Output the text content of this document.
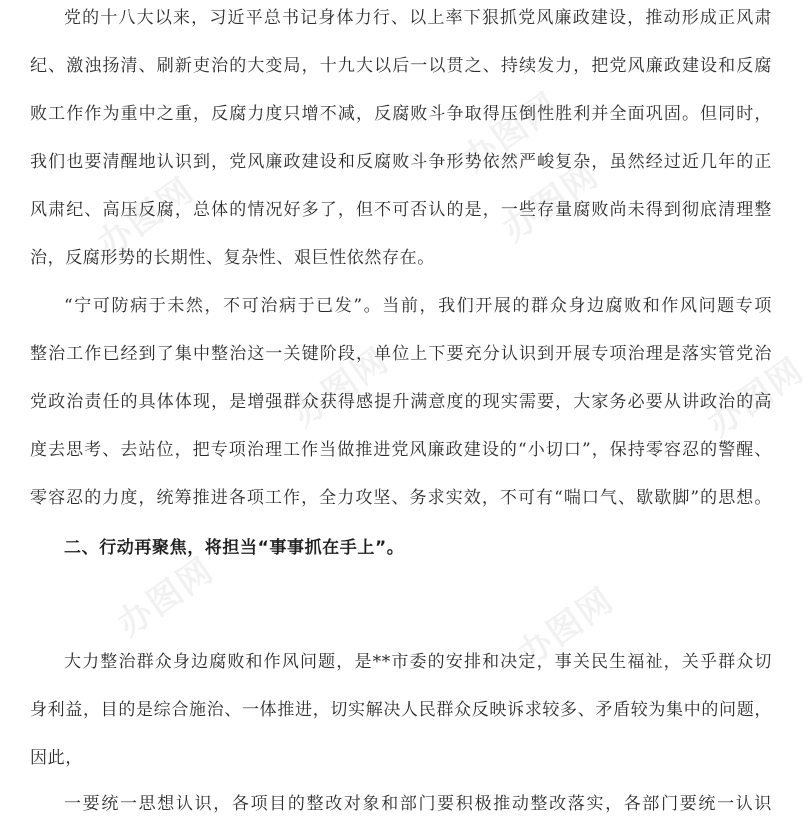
办图网
办图网	办图网
办图网	办图网
办图网	办图网
党的十八大以来，习近平总书记身体力行、以上率下狠抓党风廉政建设，推动形成正风肃
纪、激浊扬清、刷新吏治的大变局，十九大以后一以贯之、持续发力，把党风廉政建设和反腐
败工作作为重中之重，反腐力度只增不减，反腐败斗争取得压倒性胜利并全面巩固。但同时，
我们也要清醒地认识到，党风廉政建设和反腐败斗争形势依然严峻复杂，虽然经过近几年的正
风肃纪、高压反腐，总体的情况好多了，但不可否认的是，一些存量腐败尚未得到彻底清理整
治，反腐形势的长期性、复杂性、艰巨性依然存在。
“宁可防病于未然，不可治病于已发”。当前，我们开展的群众身边腐败和作风问题专项
整治工作已经到了集中整治这一关键阶段，单位上下要充分认识到开展专项治理是落实管党治
党政治责任的具体体现，是增强群众获得感提升满意度的现实需要，大家务必要从讲政治的高
度去思考、去站位，把专项治理工作当做推进党风廉政建设的“小切口”，保持零容忍的警醒、
零容忍的力度，统筹推进各项工作，全力攻坚、务求实效，不可有“喘口气、歇歇脚”的思想。
二、行动再聚焦，将担当“事事抓在手上”。
大力整治群众身边腐败和作风问题，是**市委的安排和决定，事关民生福祉，关乎群众切
身利益，目的是综合施治、一体推进，切实解决人民群众反映诉求较多、矛盾较为集中的问题，
因此，
一要统一思想认识，各项目的整改对象和部门要积极推动整改落实，各部门要统一认识
